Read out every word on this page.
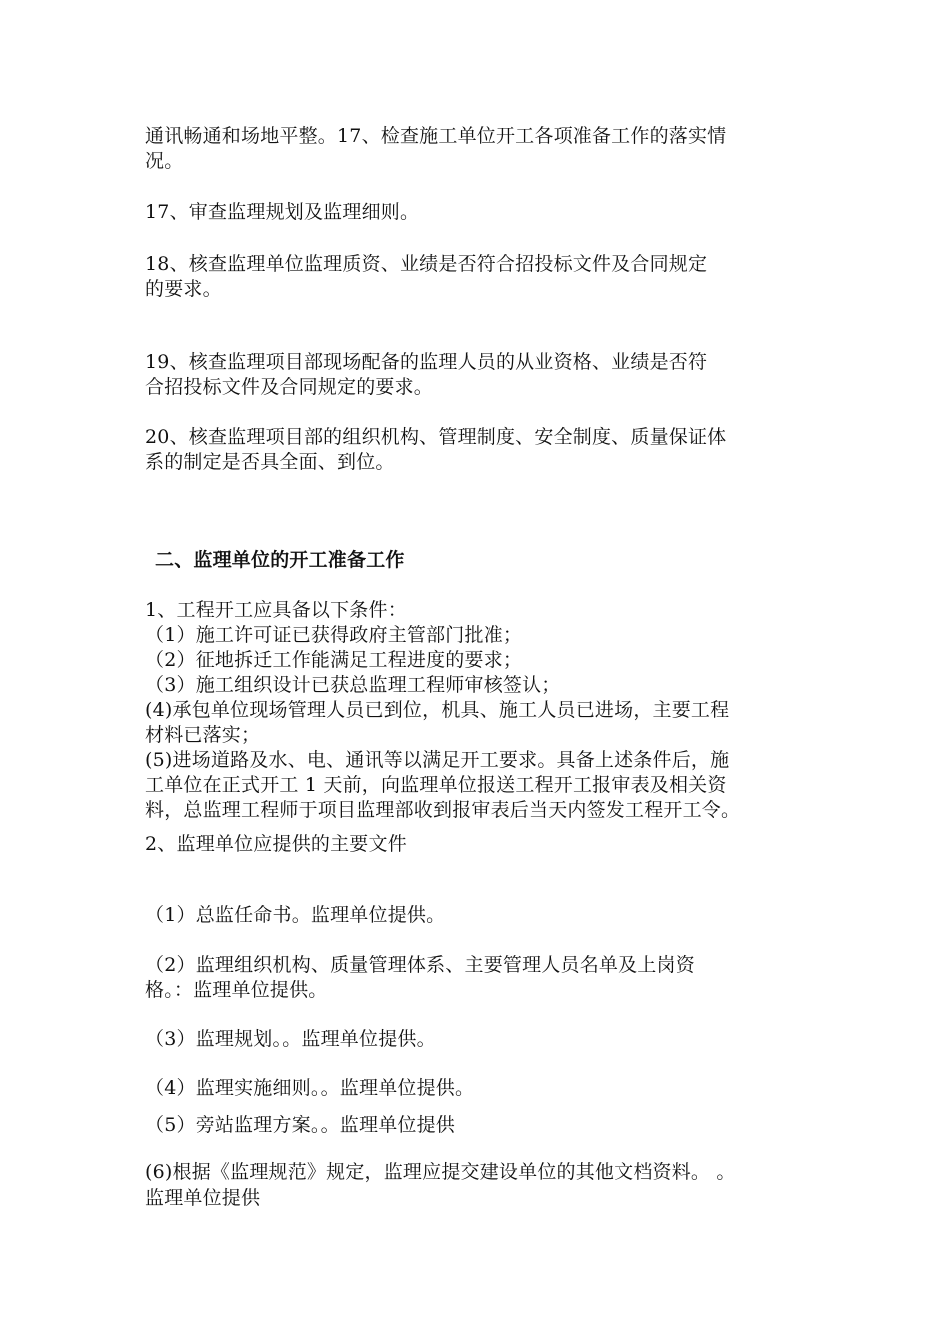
通讯畅通和场地平整。17、检查施工单位开工各项准备工作的落实情
况。
17、审查监理规划及监理细则。
18、核查监理单位监理质资、业绩是否符合招投标文件及合同规定
的要求。
19、核查监理项目部现场配备的监理人员的从业资格、业绩是否符
合招投标文件及合同规定的要求。
20、核查监理项目部的组织机构、管理制度、安全制度、质量保证体
系的制定是否具全面、到位。
二、监理单位的开工准备工作
1、工程开工应具备以下条件：
（1）施工许可证已获得政府主管部门批准；
（2）征地拆迁工作能满足工程进度的要求；
（3）施工组织设计已获总监理工程师审核签认；
(4)承包单位现场管理人员已到位，机具、施工人员已进场，主要工程
材料已落实；
(5)进场道路及水、电、通讯等以满足开工要求。具备上述条件后，施
工单位在正式开工 1 天前，向监理单位报送工程开工报审表及相关资
料，总监理工程师于项目监理部收到报审表后当天内签发工程开工令。
2、监理单位应提供的主要文件
（1）总监任命书。监理单位提供。
（2）监理组织机构、质量管理体系、主要管理人员名单及上岗资
格。：监理单位提供。
（3）监理规划。。监理单位提供。
（4）监理实施细则。。监理单位提供。
（5）旁站监理方案。。监理单位提供
(6)根据《监理规范》规定，监理应提交建设单位的其他文档资料。 。
监理单位提供
